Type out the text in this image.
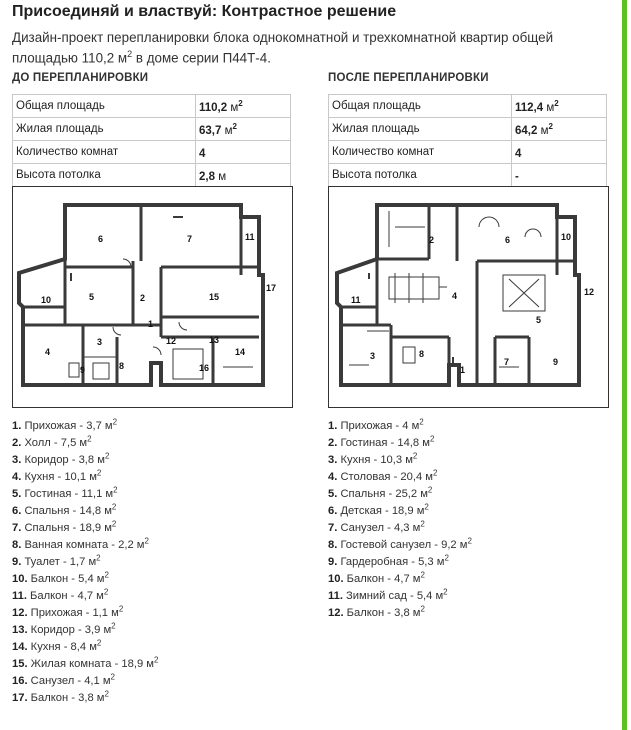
Присоединяй и властвуй: Контрастное решение
Дизайн-проект перепланировки блока однокомнатной и трехкомнатной квартир общей площадью 110,2 $м^2$ в доме серии П44Т-4.
ДО ПЕРЕПЛАНИРОВКИ
Общая площадь	110,2 $м^2$
Жилая площадь	63,7 $м^2$
Количество комнат	4
Высота потолка	2,8 м
ПОСЛЕ ПЕРЕПЛАНИРОВКИ
Общая площадь	112,4 $м^2$
Жилая площадь	64,2 $м^2$
Количество комнат	4
Высота потолка	-
1
2
3
4
5
6	7
8
9
10
11
12	13
14
15
16
17
1
2
3
4
5
6
7
8
9
10
11
12
1. Прихожая - 3,7 $м^2$
2. Холл - 7,5 $м^2$
3. Коридор - 3,8 $м^2$
4. Кухня - 10,1 $м^2$
5. Гостиная - 11,1 $м^2$
6. Спальня - 14,8 $м^2$
7. Спальня - 18,9 $м^2$
8. Ванная комната - 2,2 $м^2$
9. Туалет - 1,7 $м^2$
10. Балкон - 5,4 $м^2$
11. Балкон - 4,7 $м^2$
12. Прихожая - 1,1 $м^2$
13. Коридор - 3,9 $м^2$
14. Кухня - 8,4 $м^2$
15. Жилая комната - 18,9 $м^2$
16. Санузел - 4,1 $м^2$
17. Балкон - 3,8 $м^2$
1. Прихожая - 4 $м^2$
2. Гостиная - 14,8 $м^2$
3. Кухня - 10,3 $м^2$
4. Столовая - 20,4 $м^2$
5. Спальня - 25,2 $м^2$
6. Детская - 18,9 $м^2$
7. Санузел - 4,3 $м^2$
8. Гостевой санузел - 9,2 $м^2$
9. Гардеробная - 5,3 $м^2$
10. Балкон - 4,7 $м^2$
11. Зимний сад - 5,4 $м^2$
12. Балкон - 3,8 $м^2$
